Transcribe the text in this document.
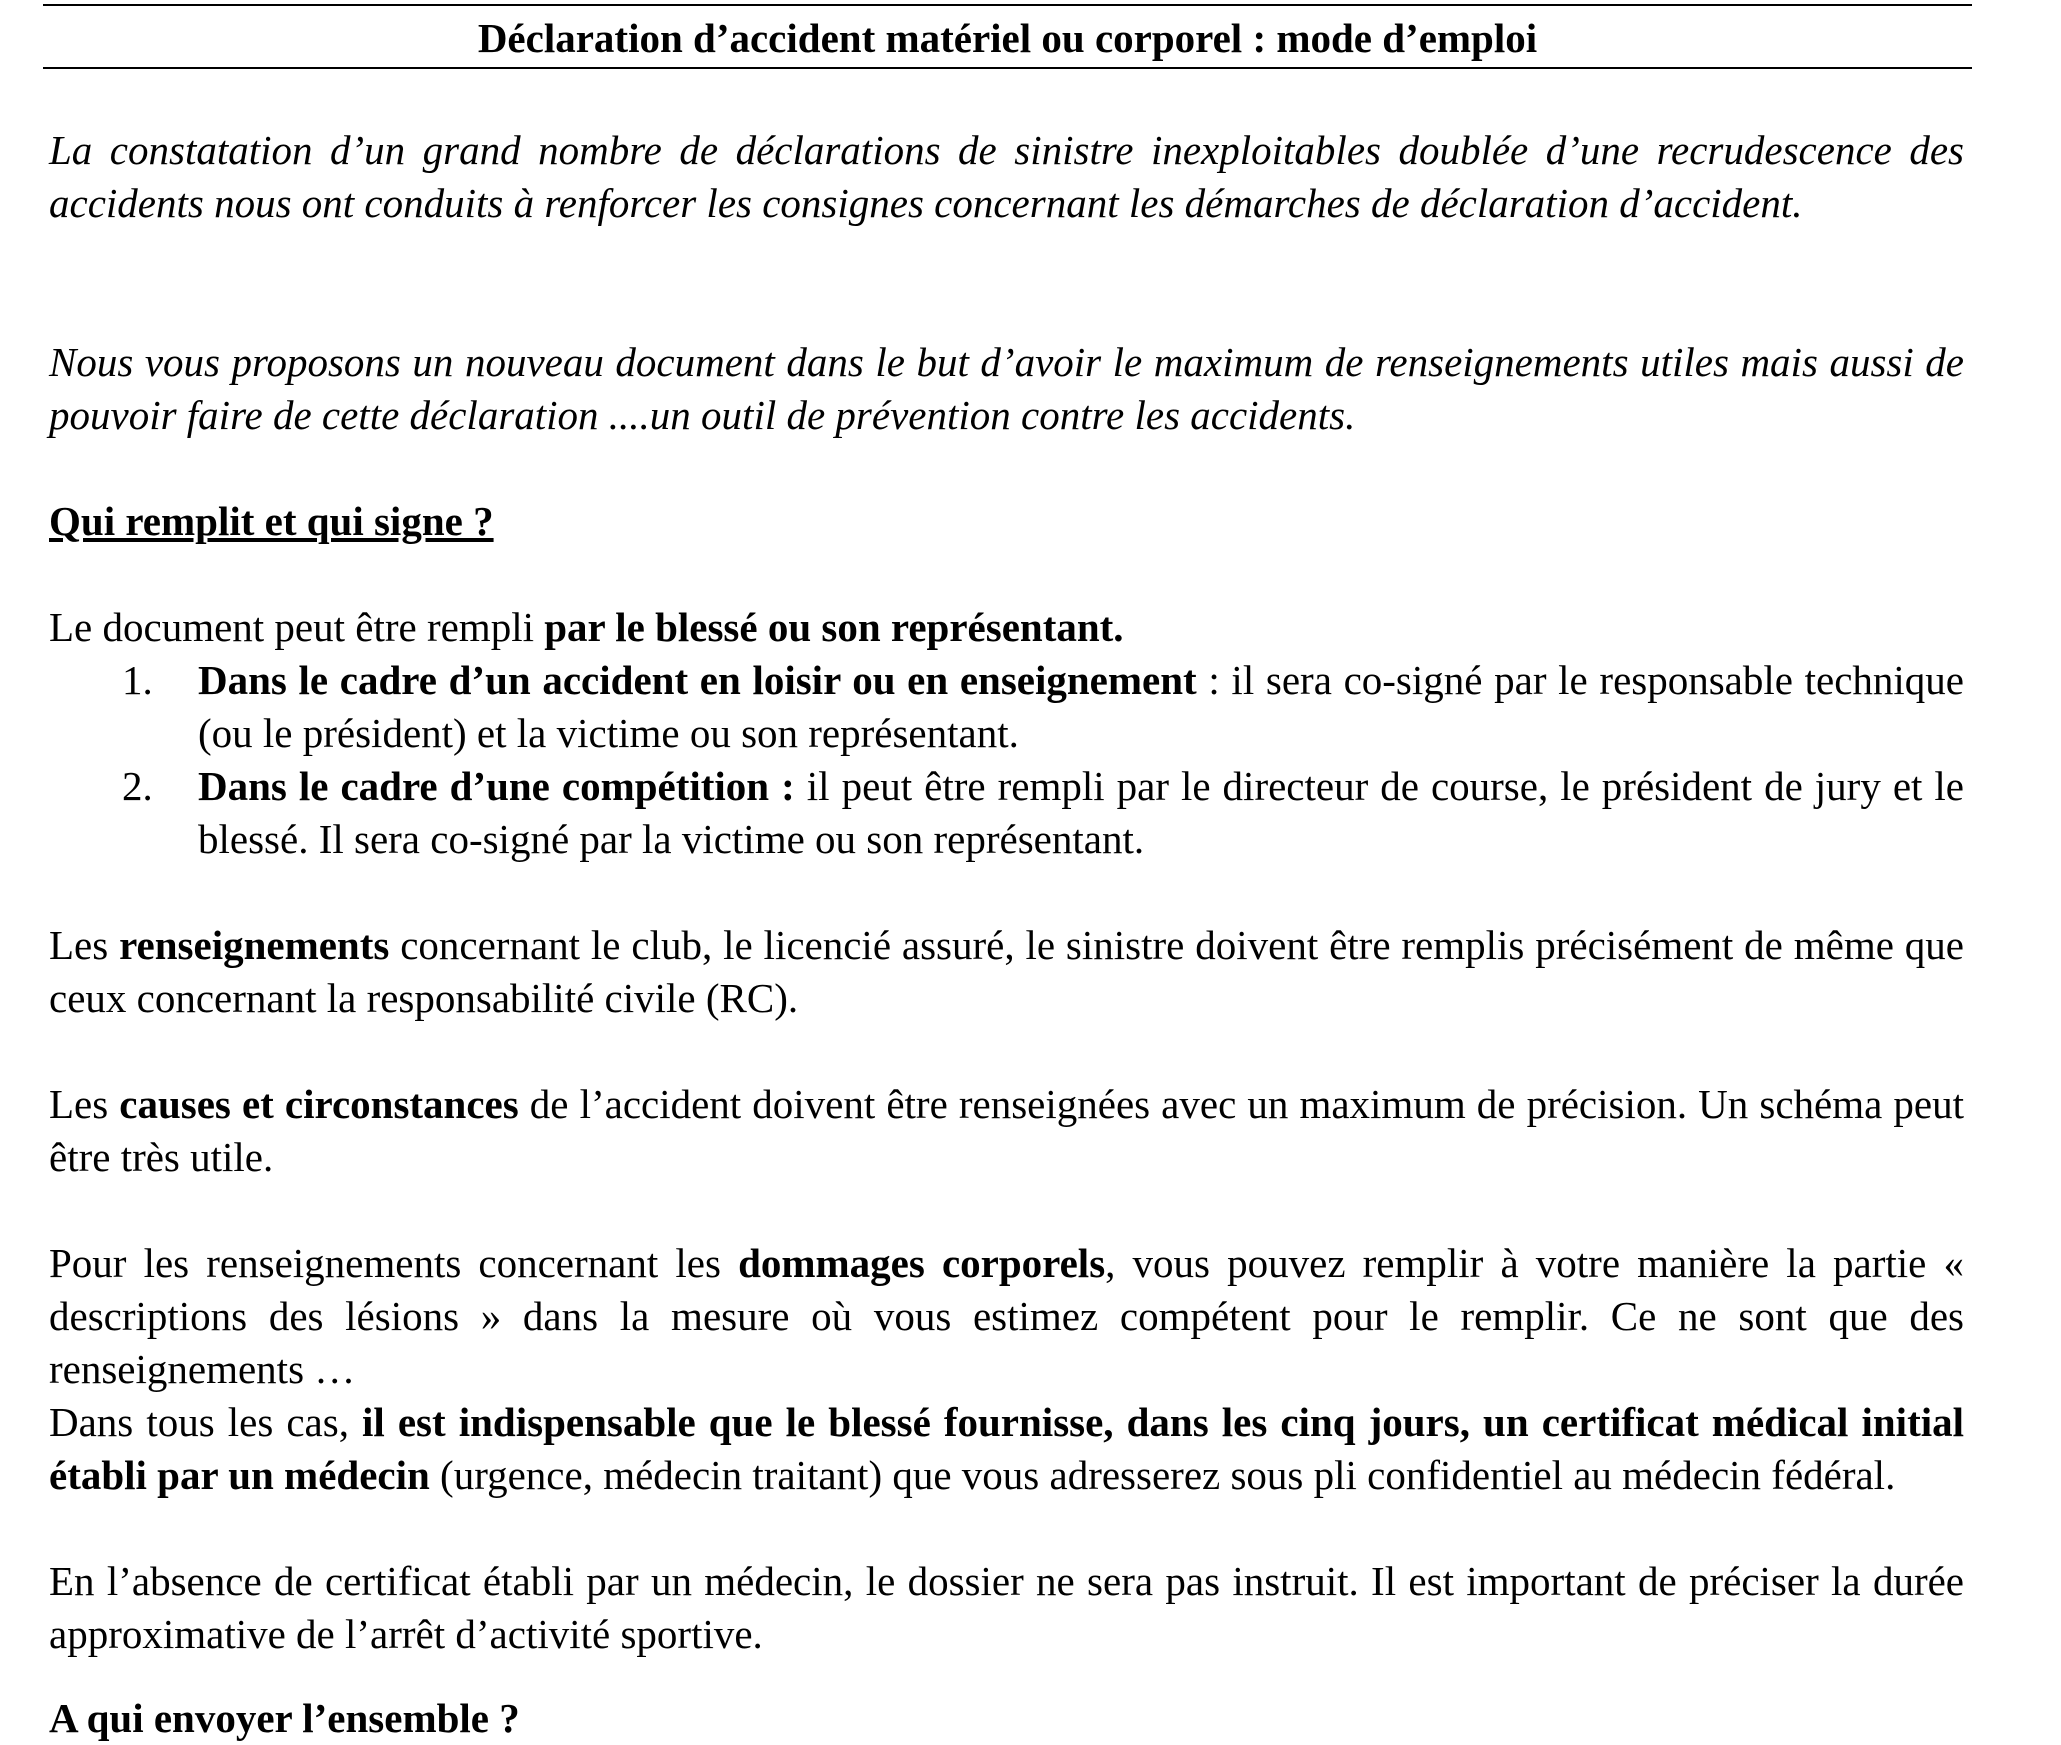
Déclaration d’accident matériel ou corporel : mode d’emploi
La constatation d’un grand nombre de déclarations de sinistre inexploitables doublée d’une recrudescence des accidents nous ont conduits à renforcer les consignes concernant les démarches de déclaration d’accident.
Nous vous proposons un nouveau document dans le but d’avoir le maximum de renseignements utiles mais aussi de pouvoir faire de cette déclaration ....un outil de prévention contre les accidents.
Qui remplit et qui signe ?
Le document peut être rempli par le blessé ou son représentant.
1. Dans le cadre d’un accident en loisir ou en enseignement : il sera co-signé par le responsable technique (ou le président) et la victime ou son représentant.
2. Dans le cadre d’une compétition : il peut être rempli par le directeur de course, le président de jury et le blessé. Il sera co-signé par la victime ou son représentant.
Les renseignements concernant le club, le licencié assuré, le sinistre doivent être remplis précisément de même que ceux concernant la responsabilité civile (RC).
Les causes et circonstances de l’accident doivent être renseignées avec un maximum de précision. Un schéma peut être très utile.
Pour les renseignements concernant les dommages corporels, vous pouvez remplir à votre manière la partie « descriptions des lésions » dans la mesure où vous estimez compétent pour le remplir. Ce ne sont que des renseignements …
Dans tous les cas, il est indispensable que le blessé fournisse, dans les cinq jours, un certificat médical initial établi par un médecin (urgence, médecin traitant) que vous adresserez sous pli confidentiel au médecin fédéral.
En l’absence de certificat établi par un médecin, le dossier ne sera pas instruit. Il est important de préciser la durée approximative de l’arrêt d’activité sportive.
A qui envoyer l’ensemble ?
